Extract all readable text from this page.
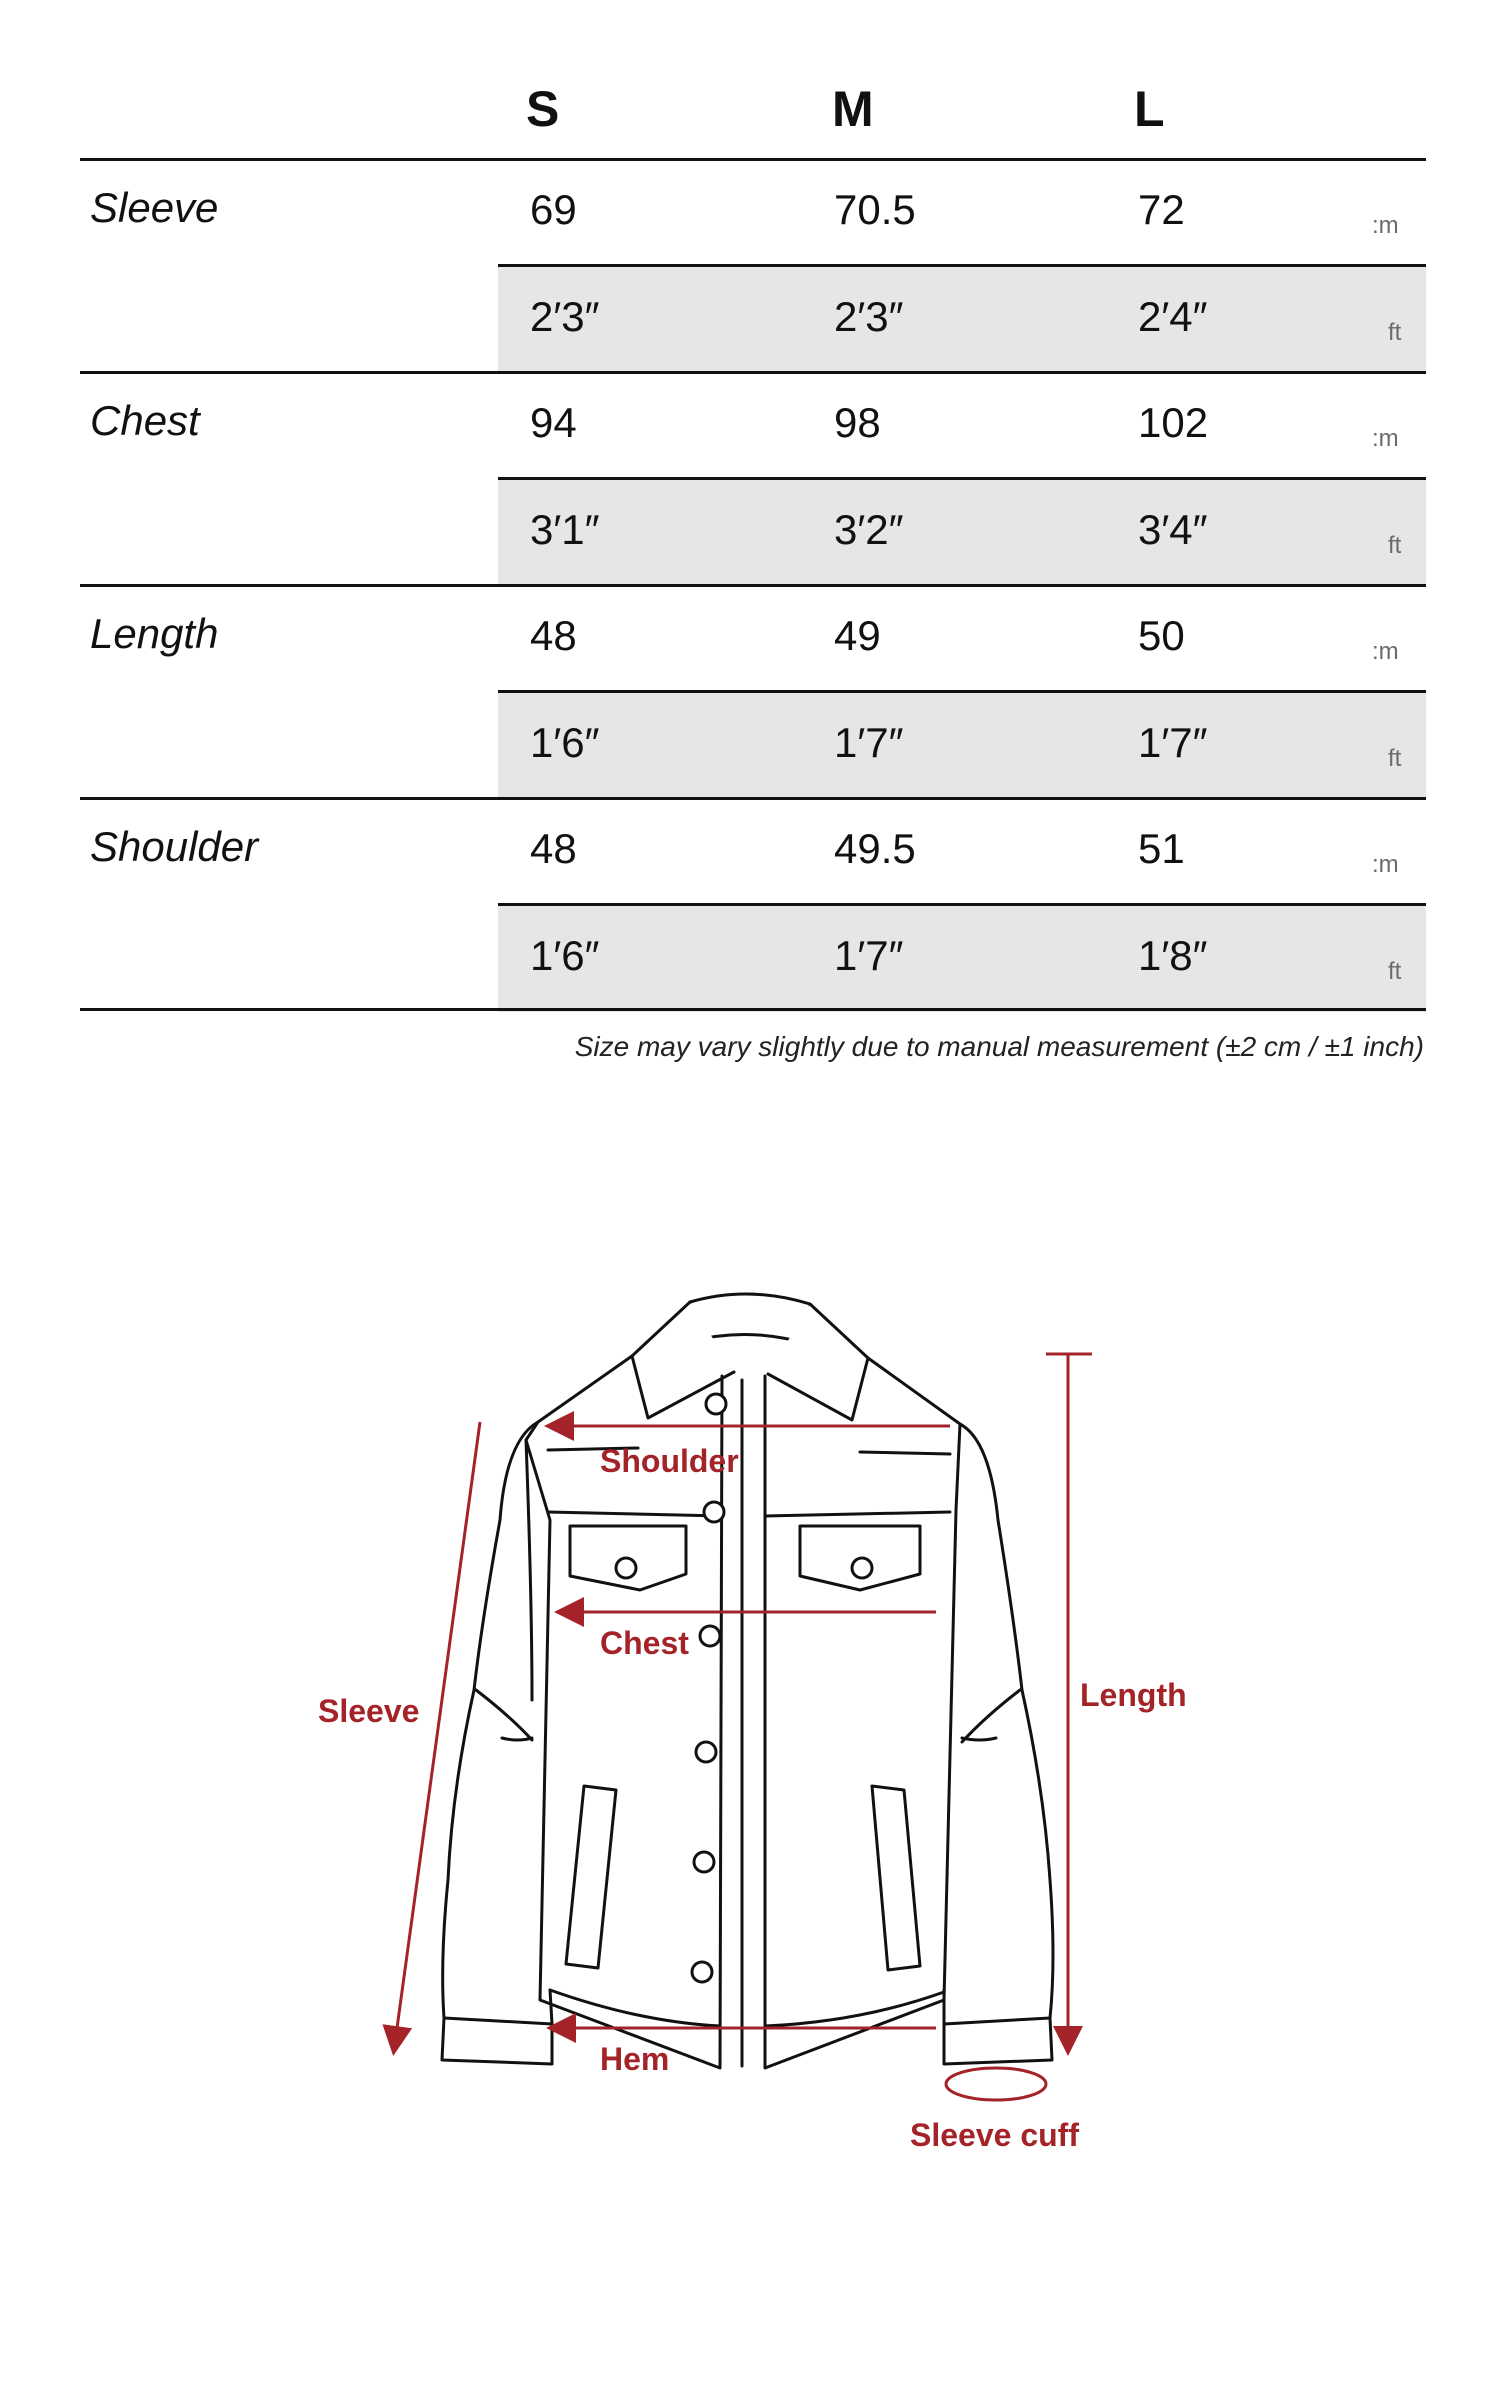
S	M	L
Sleeve	69	70.5	72	:m
2′3″	2′3″	2′4″	ft
Chest	94	98	102	:m
3′1″	3′2″	3′4″	ft
Length	48	49	50	:m
1′6″	1′7″	1′7″	ft
Shoulder	48	49.5	51	:m
1′6″	1′7″	1′8″	ft
Size may vary slightly due to manual measurement (±2 cm / ±1 inch)
Shoulder
Chest
Sleeve	Length
Hem
Sleeve cuff
